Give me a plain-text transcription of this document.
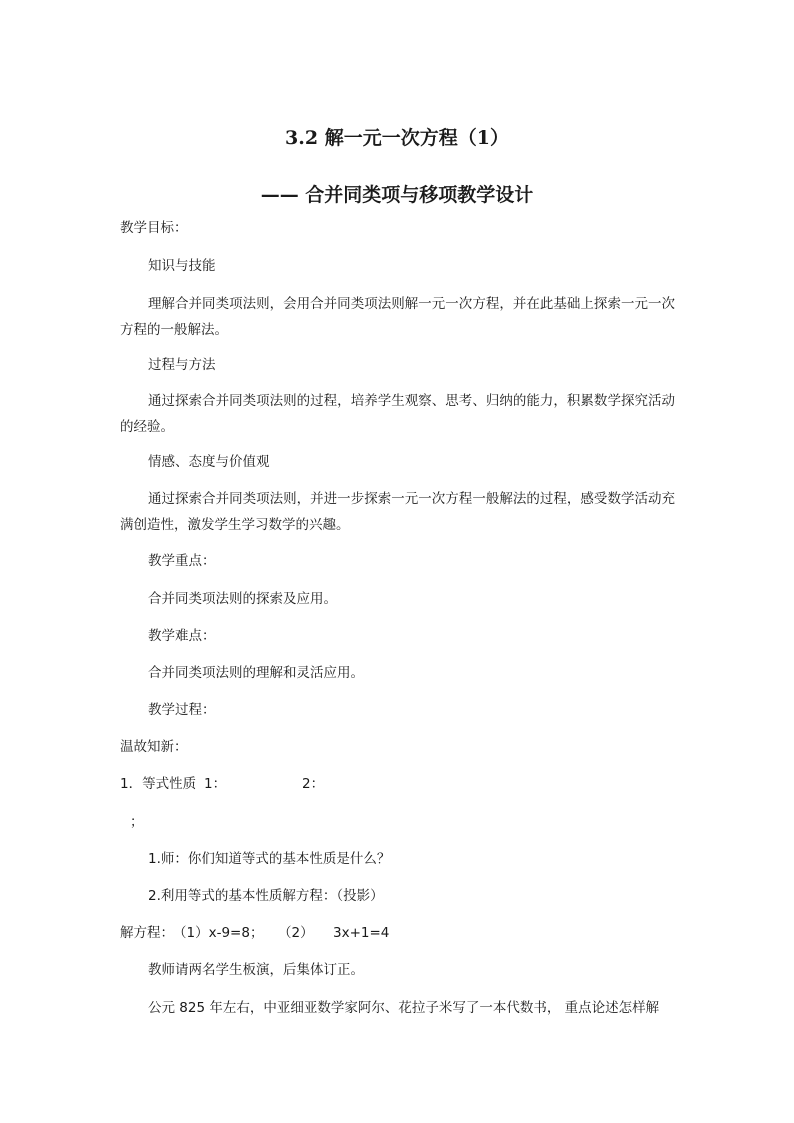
3.2 解一元一次方程（1）
—— 合并同类项与移项教学设计
教学目标：
知识与技能
理解合并同类项法则，会用合并同类项法则解一元一次方程，并在此基础上探索一元一次方程的一般解法。
过程与方法
通过探索合并同类项法则的过程，培养学生观察、思考、归纳的能力，积累数学探究活动的经验。
情感、态度与价值观
通过探索合并同类项法则，并进一步探索一元一次方程一般解法的过程，感受数学活动充满创造性，激发学生学习数学的兴趣。
教学重点：
合并同类项法则的探索及应用。
教学难点：
合并同类项法则的理解和灵活应用。
教学过程：
温故知新：
1．等式性质 1：	2：
；
1.师：你们知道等式的基本性质是什么？
2.利用等式的基本性质解方程：（投影）
解方程： （1）x-9=8； （2） 3x+1=4
教师请两名学生板演，后集体订正。
公元 825 年左右，中亚细亚数学家阿尔、花拉子米写了一本代数书， 重点论述怎样解
